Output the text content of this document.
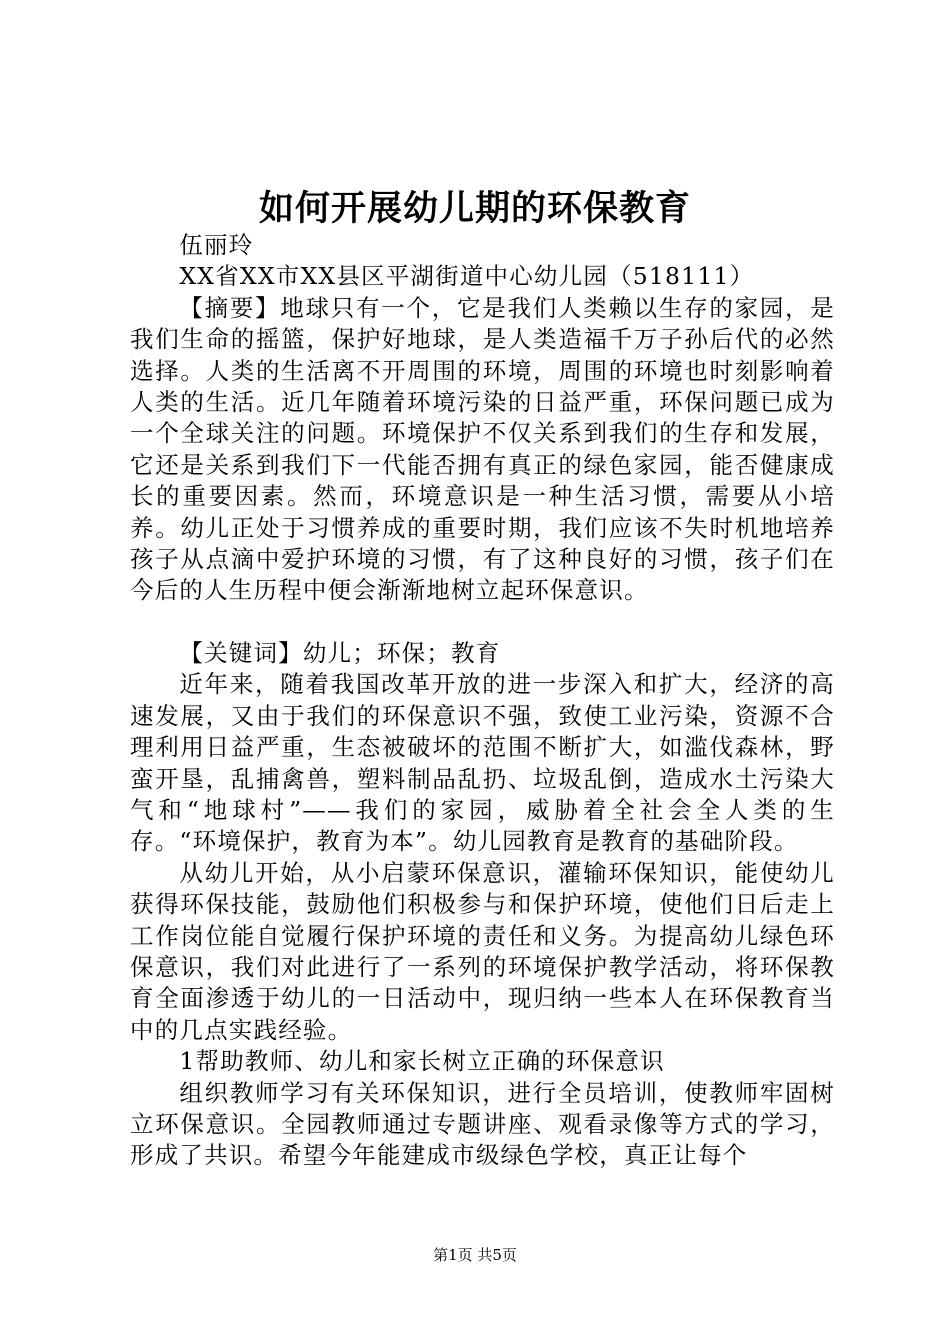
如何开展幼儿期的环保教育

伍丽玲

XX省XX市XX县区平湖街道中心幼儿园（518111）

【摘要】地球只有一个，它是我们人类赖以生存的家园，是我们生命的摇篮，保护好地球，是人类造福千万子孙后代的必然选择。人类的生活离不开周围的环境，周围的环境也时刻影响着人类的生活。近几年随着环境污染的日益严重，环保问题已成为一个全球关注的问题。环境保护不仅关系到我们的生存和发展，它还是关系到我们下一代能否拥有真正的绿色家园，能否健康成长的重要因素。然而，环境意识是一种生活习惯，需要从小培养。幼儿正处于习惯养成的重要时期，我们应该不失时机地培养孩子从点滴中爱护环境的习惯，有了这种良好的习惯，孩子们在今后的人生历程中便会渐渐地树立起环保意识。

【关键词】幼儿；环保；教育

近年来，随着我国改革开放的进一步深入和扩大，经济的高速发展，又由于我们的环保意识不强，致使工业污染，资源不合理利用日益严重，生态被破坏的范围不断扩大，如滥伐森林，野蛮开垦，乱捕禽兽，塑料制品乱扔、垃圾乱倒，造成水土污染大气和“地球村”——我们的家园，威胁着全社会全人类的生存。“环境保护，教育为本”。幼儿园教育是教育的基础阶段。

从幼儿开始，从小启蒙环保意识，灌输环保知识，能使幼儿获得环保技能，鼓励他们积极参与和保护环境，使他们日后走上工作岗位能自觉履行保护环境的责任和义务。为提高幼儿绿色环保意识，我们对此进行了一系列的环境保护教学活动，将环保教育全面渗透于幼儿的一日活动中，现归纳一些本人在环保教育当中的几点实践经验。

1帮助教师、幼儿和家长树立正确的环保意识

组织教师学习有关环保知识，进行全员培训，使教师牢固树立环保意识。全园教师通过专题讲座、观看录像等方式的学习，形成了共识。希望今年能建成市级绿色学校，真正让每个

第1页 共5页
